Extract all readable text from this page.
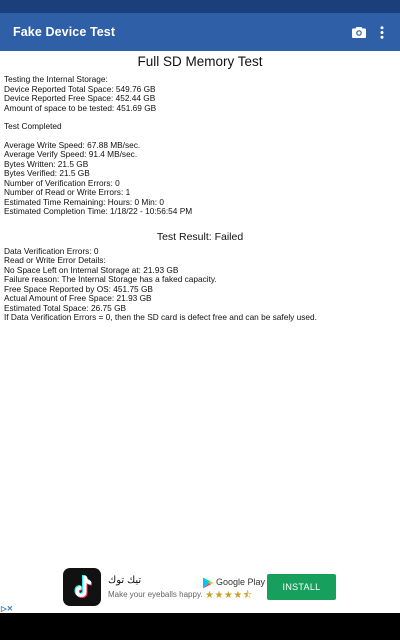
Fake Device Test
Full SD Memory Test
Testing the Internal Storage:
Device Reported Total Space: 549.76 GB
Device Reported Free Space: 452.44 GB
Amount of space to be tested: 451.69 GB
Test Completed
Average Write Speed: 67.88 MB/sec.
Average Verify Speed: 91.4 MB/sec.
Bytes Written: 21.5 GB
Bytes Verified: 21.5 GB
Number of Verification Errors: 0
Number of Read or Write Errors: 1
Estimated Time Remaining: Hours: 0 Min: 0
Estimated Completion Time: 1/18/22 - 10:56:54 PM
Test Result: Failed
Data Verification Errors: 0
Read or Write Error Details:
No Space Left on Internal Storage at: 21.93 GB
Failure reason: The Internal Storage has a faked capacity.
Free Space Reported by OS: 451.75 GB
Actual Amount of Free Space: 21.93 GB
Estimated Total Space: 26.75 GB
If Data Verification Errors = 0, then the SD card is defect free and can be safely used.
تيك توك
Make your eyeballs happy.
Google Play
★★★★⯪
INSTALL
▷✕
